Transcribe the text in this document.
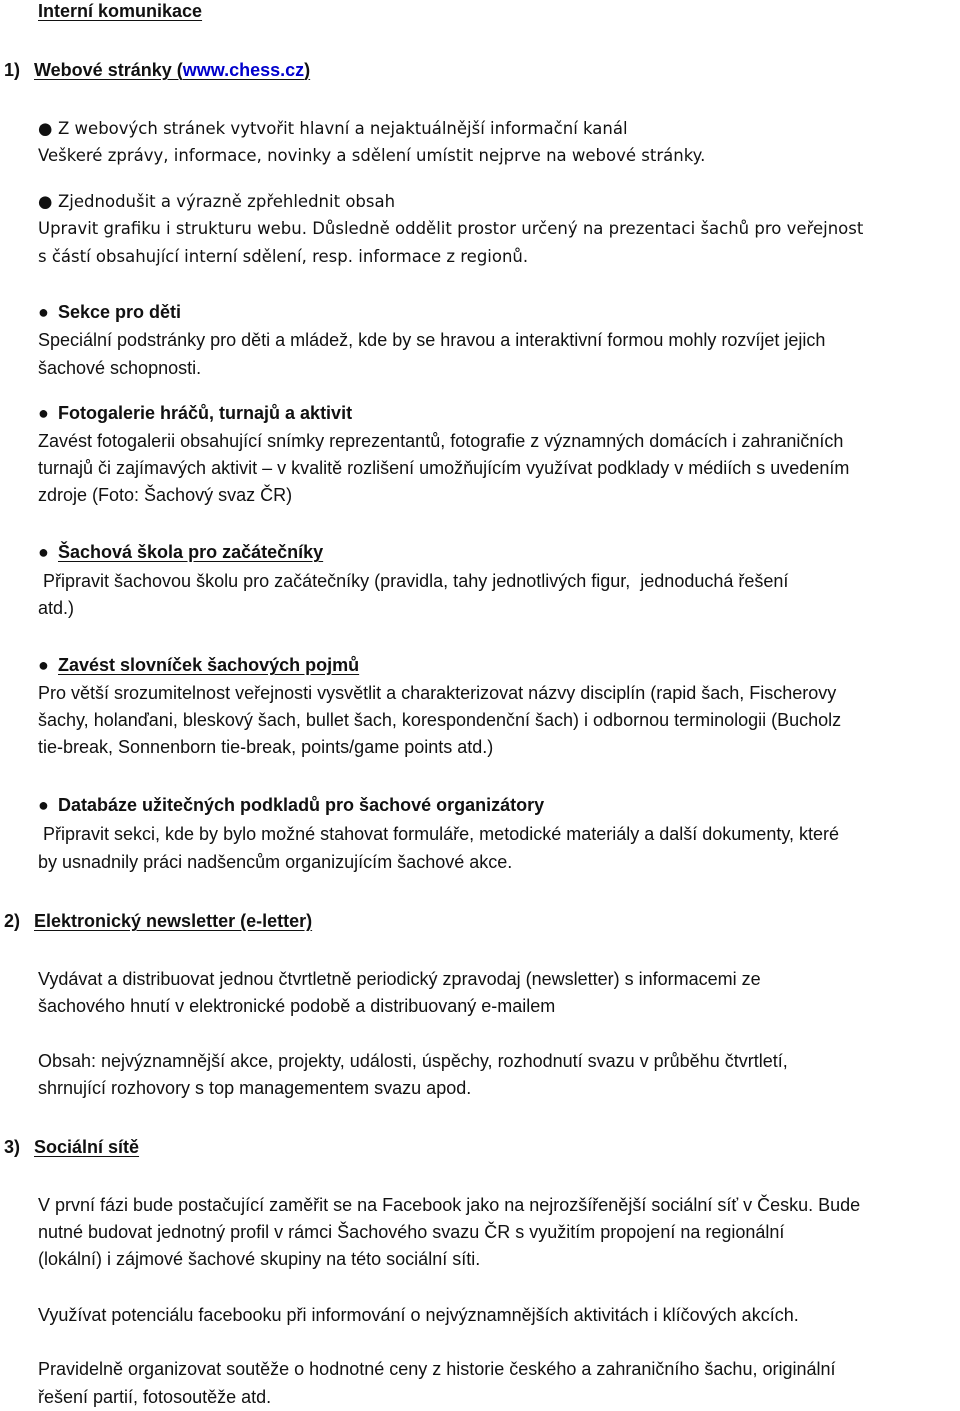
Interní komunikace
1) Webové stránky (www.chess.cz)
● Z webových stránek vytvořit hlavní a nejaktuálnější informační kanál
Veškeré zprávy, informace, novinky a sdělení umístit nejprve na webové stránky.
● Zjednodušit a výrazně zpřehlednit obsah
Upravit grafiku i strukturu webu. Důsledně oddělit prostor určený na prezentaci šachů pro veřejnost
s částí obsahující interní sdělení, resp. informace z regionů.
● Sekce pro děti
Speciální podstránky pro děti a mládež, kde by se hravou a interaktivní formou mohly rozvíjet jejich
šachové schopnosti.
● Fotogalerie hráčů, turnajů a aktivit
Zavést fotogalerii obsahující snímky reprezentantů, fotografie z významných domácích i zahraničních
turnajů či zajímavých aktivit – v kvalitě rozlišení umožňujícím využívat podklady v médiích s uvedením
zdroje (Foto: Šachový svaz ČR)
● Šachová škola pro začátečníky
Připravit šachovou školu pro začátečníky (pravidla, tahy jednotlivých figur,  jednoduchá řešení
atd.)
● Zavést slovníček šachových pojmů
Pro větší srozumitelnost veřejnosti vysvětlit a charakterizovat názvy disciplín (rapid šach, Fischerovy
šachy, holanďani, bleskový šach, bullet šach, korespondenční šach) i odbornou terminologii (Bucholz
tie-break, Sonnenborn tie-break, points/game points atd.)
● Databáze užitečných podkladů pro šachové organizátory
Připravit sekci, kde by bylo možné stahovat formuláře, metodické materiály a další dokumenty, které
by usnadnily práci nadšencům organizujícím šachové akce.
2) Elektronický newsletter (e-letter)
Vydávat a distribuovat jednou čtvrtletně periodický zpravodaj (newsletter) s informacemi ze
šachového hnutí v elektronické podobě a distribuovaný e-mailem
Obsah: nejvýznamnější akce, projekty, události, úspěchy, rozhodnutí svazu v průběhu čtvrtletí,
shrnující rozhovory s top managementem svazu apod.
3) Sociální sítě
V první fázi bude postačující zaměřit se na Facebook jako na nejrozšířenější sociální síť v Česku. Bude
nutné budovat jednotný profil v rámci Šachového svazu ČR s využitím propojení na regionální
(lokální) i zájmové šachové skupiny na této sociální síti.
Využívat potenciálu facebooku při informování o nejvýznamnějších aktivitách i klíčových akcích.
Pravidelně organizovat soutěže o hodnotné ceny z historie českého a zahraničního šachu, originální
řešení partií, fotosoutěže atd.
